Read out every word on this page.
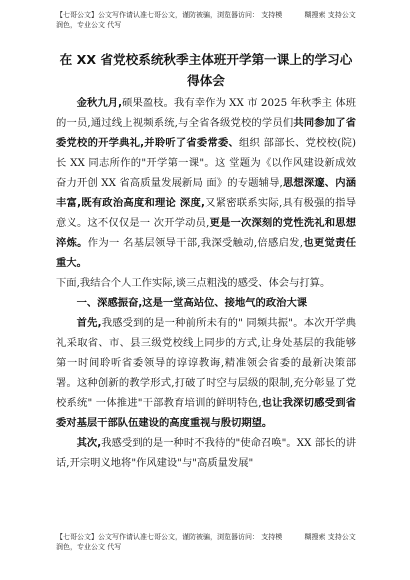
【七哥公文】公文写作请认准七哥公文，谨防被骗，浏览器访问： 支持模	糊搜索 支持公文润色，专业公文 代写
在 XX 省党校系统秋季主体班开学第一课上的学习心得体会

金秋九月,硕果盈枝。我有幸作为 XX 市 2025 年秋季主 体班的一员,通过线上视频系统,与全省各级党校的学员们共同参加了省委党校的开学典礼,并聆听了省委常委、组织 部部长、党校校(院)长 XX 同志所作的"开学第一课"。这 堂题为《以作风建设新成效奋力开创 XX 省高质量发展新局 面》的专题辅导,思想深邃、内涵丰富,既有政治高度和理论 深度,又紧密联系实际,具有极强的指导意义。这不仅仅是一 次开学动员,更是一次深刻的党性洗礼和思想淬炼。作为一 名基层领导干部,我深受触动,倍感启发,也更觉责任重大。

下面,我结合个人工作实际,谈三点粗浅的感受、体会与打算。

一、深感振奋,这是一堂高站位、接地气的政治大课

首先,我感受到的是一种前所未有的" 同频共振"。本次开学典礼采取省、市、县三级党校线上同步的方式,让身处基层的我能够第一时间聆听省委领导的谆谆教诲,精准领会省委的最新决策部署。这种创新的教学形式,打破了时空与层级的限制,充分彰显了党校系统" 一体推进"干部教育培训的鲜明特色,也让我深切感受到省委对基层干部队伍建设的高度重视与殷切期望。

其次,我感受到的是一种时不我待的"使命召唤"。XX 部长的讲话,开宗明义地将"作风建设"与"高质量发展"

【七哥公文】公文写作请认准七哥公文，谨防被骗，浏览器访问： 支持模	糊搜索 支持公文润色，专业公文 代写
